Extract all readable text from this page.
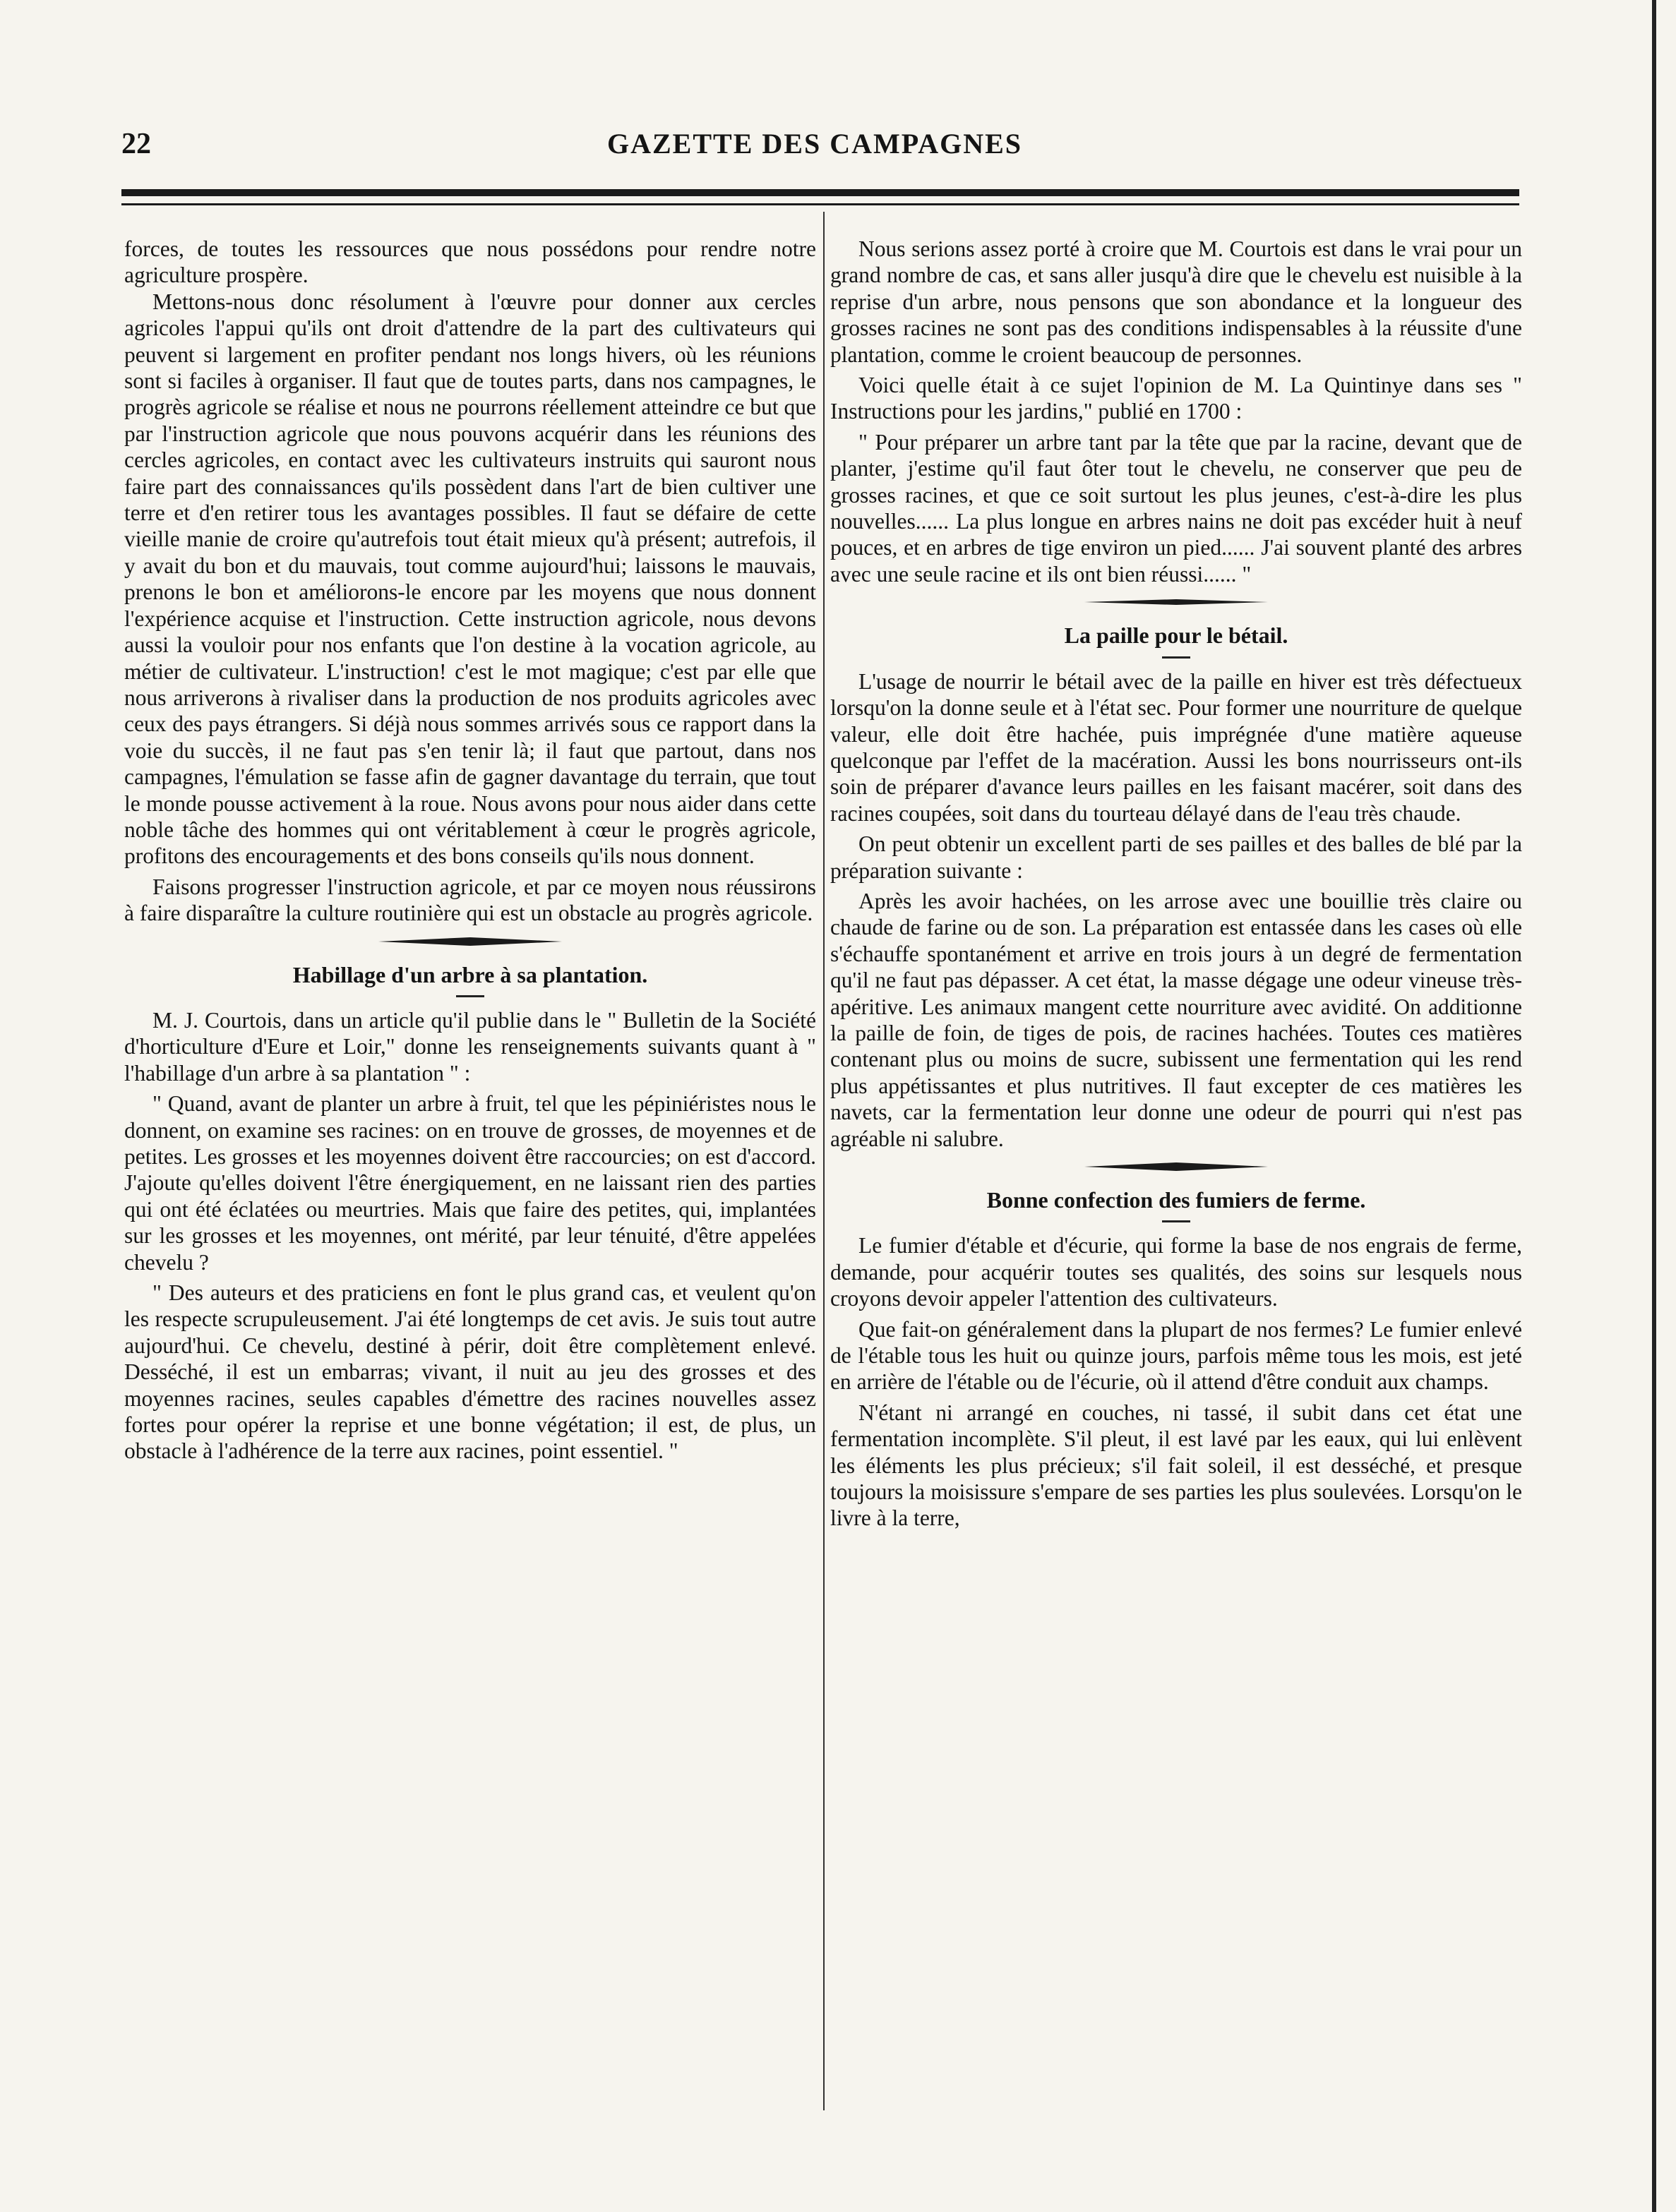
22	GAZETTE DES CAMPAGNES

forces, de toutes les ressources que nous possédons pour rendre notre agriculture prospère.

Mettons-nous donc résolument à l'œuvre pour donner aux cercles agricoles l'appui qu'ils ont droit d'attendre de la part des cultivateurs qui peuvent si largement en profiter pendant nos longs hivers, où les réunions sont si faciles à organiser. Il faut que de toutes parts, dans nos campagnes, le progrès agricole se réalise et nous ne pourrons réellement atteindre ce but que par l'instruction agricole que nous pouvons acquérir dans les réunions des cercles agricoles, en contact avec les cultivateurs instruits qui sauront nous faire part des connaissances qu'ils possèdent dans l'art de bien cultiver une terre et d'en retirer tous les avantages possibles. Il faut se défaire de cette vieille manie de croire qu'autrefois tout était mieux qu'à présent; autrefois, il y avait du bon et du mauvais, tout comme aujourd'hui; laissons le mauvais, prenons le bon et améliorons-le encore par les moyens que nous donnent l'expérience acquise et l'instruction. Cette instruction agricole, nous devons aussi la vouloir pour nos enfants que l'on destine à la vocation agricole, au métier de cultivateur. L'instruction! c'est le mot magique; c'est par elle que nous arriverons à rivaliser dans la production de nos produits agricoles avec ceux des pays étrangers. Si déjà nous sommes arrivés sous ce rapport dans la voie du succès, il ne faut pas s'en tenir là; il faut que partout, dans nos campagnes, l'émulation se fasse afin de gagner davantage du terrain, que tout le monde pousse activement à la roue. Nous avons pour nous aider dans cette noble tâche des hommes qui ont véritablement à cœur le progrès agricole, profitons des encouragements et des bons conseils qu'ils nous donnent.

Faisons progresser l'instruction agricole, et par ce moyen nous réussirons à faire disparaître la culture routinière qui est un obstacle au progrès agricole.

Habillage d'un arbre à sa plantation.

M. J. Courtois, dans un article qu'il publie dans le " Bulletin de la Société d'horticulture d'Eure et Loir," donne les renseignements suivants quant à " l'habillage d'un arbre à sa plantation " :

" Quand, avant de planter un arbre à fruit, tel que les pépiniéristes nous le donnent, on examine ses racines: on en trouve de grosses, de moyennes et de petites. Les grosses et les moyennes doivent être raccourcies; on est d'accord. J'ajoute qu'elles doivent l'être énergiquement, en ne laissant rien des parties qui ont été éclatées ou meurtries. Mais que faire des petites, qui, implantées sur les grosses et les moyennes, ont mérité, par leur ténuité, d'être appelées chevelu ?

" Des auteurs et des praticiens en font le plus grand cas, et veulent qu'on les respecte scrupuleusement. J'ai été longtemps de cet avis. Je suis tout autre aujourd'hui. Ce chevelu, destiné à périr, doit être complètement enlevé. Desséché, il est un embarras; vivant, il nuit au jeu des grosses et des moyennes racines, seules capables d'émettre des racines nouvelles assez fortes pour opérer la reprise et une bonne végétation; il est, de plus, un obstacle à l'adhérence de la terre aux racines, point essentiel. "

Nous serions assez porté à croire que M. Courtois est dans le vrai pour un grand nombre de cas, et sans aller jusqu'à dire que le chevelu est nuisible à la reprise d'un arbre, nous pensons que son abondance et la longueur des grosses racines ne sont pas des conditions indispensables à la réussite d'une plantation, comme le croient beaucoup de personnes.

Voici quelle était à ce sujet l'opinion de M. La Quintinye dans ses " Instructions pour les jardins," publié en 1700 :

" Pour préparer un arbre tant par la tête que par la racine, devant que de planter, j'estime qu'il faut ôter tout le chevelu, ne conserver que peu de grosses racines, et que ce soit surtout les plus jeunes, c'est-à-dire les plus nouvelles...... La plus longue en arbres nains ne doit pas excéder huit à neuf pouces, et en arbres de tige environ un pied...... J'ai souvent planté des arbres avec une seule racine et ils ont bien réussi...... "

La paille pour le bétail.

L'usage de nourrir le bétail avec de la paille en hiver est très défectueux lorsqu'on la donne seule et à l'état sec. Pour former une nourriture de quelque valeur, elle doit être hachée, puis imprégnée d'une matière aqueuse quelconque par l'effet de la macération. Aussi les bons nourrisseurs ont-ils soin de préparer d'avance leurs pailles en les faisant macérer, soit dans des racines coupées, soit dans du tourteau délayé dans de l'eau très chaude.

On peut obtenir un excellent parti de ses pailles et des balles de blé par la préparation suivante :

Après les avoir hachées, on les arrose avec une bouillie très claire ou chaude de farine ou de son. La préparation est entassée dans les cases où elle s'échauffe spontanément et arrive en trois jours à un degré de fermentation qu'il ne faut pas dépasser. A cet état, la masse dégage une odeur vineuse très-apéritive. Les animaux mangent cette nourriture avec avidité. On additionne la paille de foin, de tiges de pois, de racines hachées. Toutes ces matières contenant plus ou moins de sucre, subissent une fermentation qui les rend plus appétissantes et plus nutritives. Il faut excepter de ces matières les navets, car la fermentation leur donne une odeur de pourri qui n'est pas agréable ni salubre.

Bonne confection des fumiers de ferme.

Le fumier d'étable et d'écurie, qui forme la base de nos engrais de ferme, demande, pour acquérir toutes ses qualités, des soins sur lesquels nous croyons devoir appeler l'attention des cultivateurs.

Que fait-on généralement dans la plupart de nos fermes? Le fumier enlevé de l'étable tous les huit ou quinze jours, parfois même tous les mois, est jeté en arrière de l'étable ou de l'écurie, où il attend d'être conduit aux champs.

N'étant ni arrangé en couches, ni tassé, il subit dans cet état une fermentation incomplète. S'il pleut, il est lavé par les eaux, qui lui enlèvent les éléments les plus précieux; s'il fait soleil, il est desséché, et presque toujours la moisissure s'empare de ses parties les plus soulevées. Lorsqu'on le livre à la terre,
